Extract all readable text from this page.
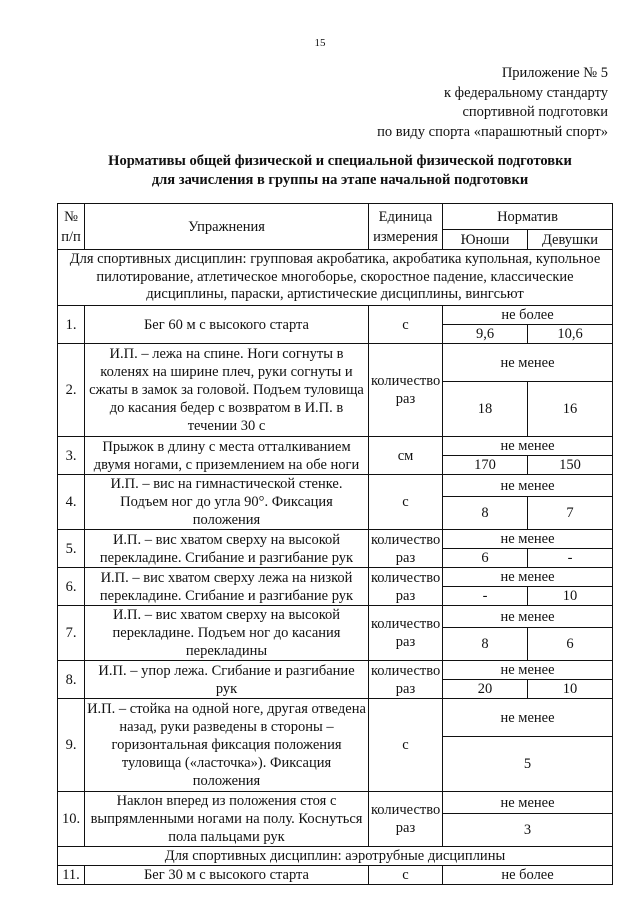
15
Приложение № 5
к федеральному стандарту
спортивной подготовки
по виду спорта «парашютный спорт»
Нормативы общей физической и специальной физической подготовки
для зачисления в группы на этапе начальной подготовки
№ п/п	Упражнения	Единица измерения	Норматив	
			Юноши	Девушки
Для спортивных дисциплин: групповая акробатика, акробатика купольная, купольное пилотирование, атлетическое многоборье, скоростное падение, классические дисциплины, параски, артистические дисциплины, вингсьют				
1.	Бег 60 м с высокого старта	с	не более	
			9,6	10,6
2.	И.П. – лежа на спине. Ноги согнуты в коленях на ширине плеч, руки согнуты и сжаты в замок за головой. Подъем туловища до касания бедер с возвратом в И.П. в течении 30 с	количество раз	не менее	
			18	16
3.	Прыжок в длину с места отталкиванием двумя ногами, с приземлением на обе ноги	см	не менее	
			170	150
4.	И.П. – вис на гимнастической стенке. Подъем ног до угла 90°. Фиксация положения	с	не менее	
			8	7
5.	И.П. – вис хватом сверху на высокой перекладине. Сгибание и разгибание рук	количество раз	не менее	
			6	-
6.	И.П. – вис хватом сверху лежа на низкой перекладине. Сгибание и разгибание рук	количество раз	не менее	
			-	10
7.	И.П. – вис хватом сверху на высокой перекладине. Подъем ног до касания перекладины	количество раз	не менее	
			8	6
8.	И.П. – упор лежа. Сгибание и разгибание рук	количество раз	не менее	
			20	10
9.	И.П. – стойка на одной ноге, другая отведена назад, руки разведены в стороны – горизонтальная фиксация положения туловища («ласточка»). Фиксация положения	с	не менее	
			5	
10.	Наклон вперед из положения стоя с выпрямленными ногами на полу. Коснуться пола пальцами рук	количество раз	не менее	
			3	
Для спортивных дисциплин: аэротрубные дисциплины				
11.	Бег 30 м с высокого старта	с	не более	
